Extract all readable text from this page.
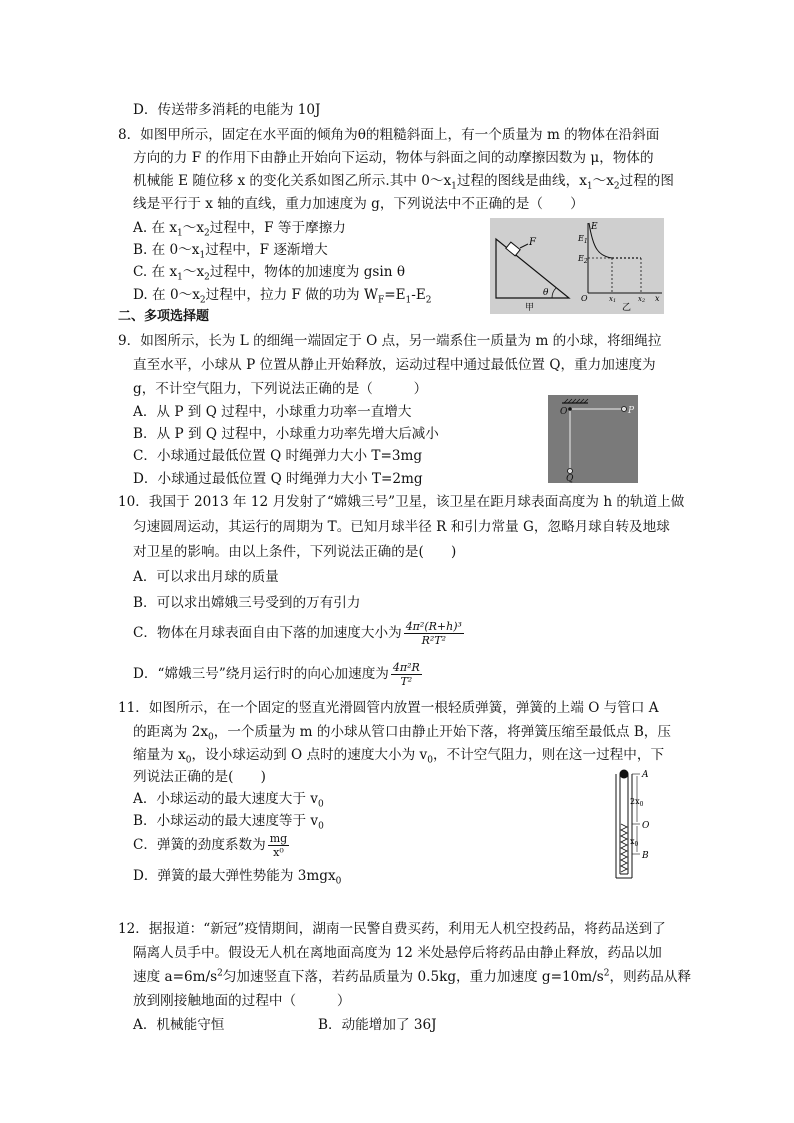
D．传送带多消耗的电能为 10J
8．如图甲所示，固定在水平面的倾角为θ的粗糙斜面上，有一个质量为 m 的物体在沿斜面
方向的力 F 的作用下由静止开始向下运动，物体与斜面之间的动摩擦因数为 μ，物体的
机械能 E 随位移 x 的变化关系如图乙所示.其中 $0\sim x_1$过程的图线是曲线，$x_1\sim x_2$过程的图
线是平行于 x 轴的直线，重力加速度为 g，下列说法中不正确的是（　　）
A. 在 $x_1\sim x_2$过程中，F 等于摩擦力
B. 在 $0\sim x_1$过程中，F 逐渐增大
C. 在 $x_1\sim x_2$过程中，物体的加速度为 gsin θ
D. 在 $0\sim x_2$过程中，拉力 F 做的功为 $W_F=E_1-E_2$
F
θ
甲
E
$E_1$
$E_2$
O	x1	x2 x
乙
二、多项选择题
9．如图所示，长为 L 的细绳一端固定于 O 点，另一端系住一质量为 m 的小球，将细绳拉
直至水平，小球从 P 位置从静止开始释放，运动过程中通过最低位置 Q，重力加速度为
g，不计空气阻力，下列说法正确的是（　　　）
A．从 P 到 Q 过程中，小球重力功率一直增大
B．从 P 到 Q 过程中，小球重力功率先增大后减小
C．小球通过最低位置 Q 时绳弹力大小 T=3mg
D．小球通过最低位置 Q 时绳弹力大小 T=2mg
O	P
Q
10．我国于 2013 年 12 月发射了“嫦娥三号”卫星，该卫星在距月球表面高度为 h 的轨道上做
匀速圆周运动，其运行的周期为 T。已知月球半径 R 和引力常量 G，忽略月球自转及地球
对卫星的影响。由以上条件，下列说法正确的是(　　)
A．可以求出月球的质量
B．可以求出嫦娥三号受到的万有引力
C．物体在月球表面自由下落的加速度大小为 $\frac{\text{4π²(R+h)³}}{\text{R²T²}}$
D．“嫦娥三号”绕月运行时的向心加速度为 $\frac{\text{4π²R}}{\text{T²}}$
11．如图所示，在一个固定的竖直光滑圆管内放置一根轻质弹簧，弹簧的上端 O 与管口 A
的距离为 $2x_0$，一个质量为 m 的小球从管口由静止开始下落，将弹簧压缩至最低点 B，压
缩量为 $x_0$，设小球运动到 O 点时的速度大小为 $v_0$，不计空气阻力，则在这一过程中，下
列说法正确的是(　　)
A．小球运动的最大速度大于 $v_0$
B．小球运动的最大速度等于 $v_0$
C．弹簧的劲度系数为 $\frac{mg}{\text{x⁰}}$
D．弹簧的最大弹性势能为 3mgx$_0$
A
$2x_0$
O
$x_0$
B
12．据报道：“新冠”疫情期间，湖南一民警自费买药，利用无人机空投药品，将药品送到了
隔离人员手中。假设无人机在离地面高度为 12 米处悬停后将药品由静止释放，药品以加
速度 $a=6m/s^2$匀加速竖直下落，若药品质量为 0.5kg，重力加速度 $g=10m/s^2$，则药品从释
放到刚接触地面的过程中（　　　）
A．机械能守恒	B．动能增加了 36J
